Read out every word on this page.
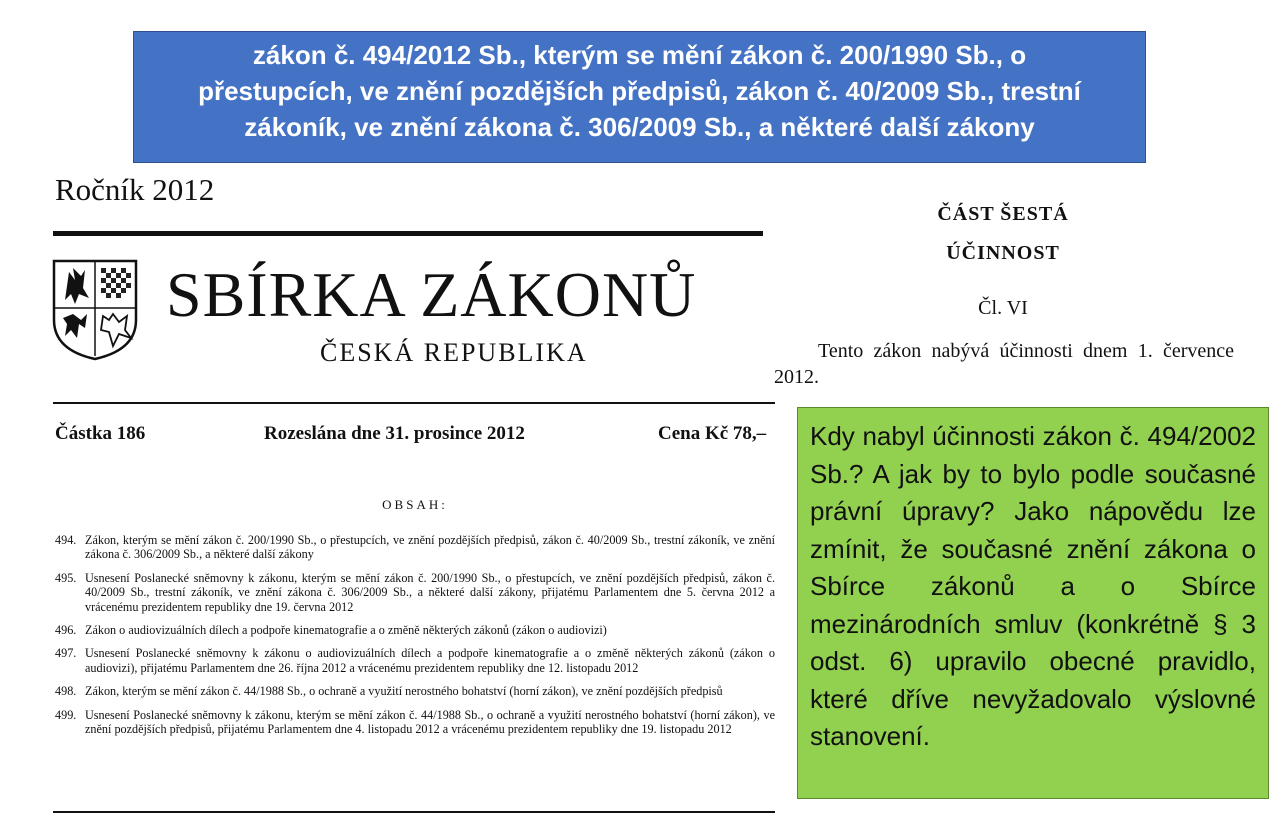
zákon č. 494/2012 Sb., kterým se mění zákon č. 200/1990 Sb., o
přestupcích, ve znění pozdějších předpisů, zákon č. 40/2009 Sb., trestní
zákoník, ve znění zákona č. 306/2009 Sb., a některé další zákony
Ročník 2012
SBÍRKA ZÁKONŮ
ČESKÁ REPUBLIKA
Částka 186	Rozeslána dne 31. prosince 2012	Cena Kč 78,–
OBSAH:
494. Zákon, kterým se mění zákon č. 200/1990 Sb., o přestupcích, ve znění pozdějších předpisů, zákon č. 40/2009 Sb., trestní zákoník, ve znění zákona č. 306/2009 Sb., a některé další zákony
495. Usnesení Poslanecké sněmovny k zákonu, kterým se mění zákon č. 200/1990 Sb., o přestupcích, ve znění pozdějších předpisů, zákon č. 40/2009 Sb., trestní zákoník, ve znění zákona č. 306/2009 Sb., a některé další zákony, přijatému Parlamentem dne 5. června 2012 a vrácenému prezidentem republiky dne 19. června 2012
496. Zákon o audiovizuálních dílech a podpoře kinematografie a o změně některých zákonů (zákon o audiovizi)
497. Usnesení Poslanecké sněmovny k zákonu o audiovizuálních dílech a podpoře kinematografie a o změně některých zákonů (zákon o audiovizi), přijatému Parlamentem dne 26. října 2012 a vrácenému prezidentem republiky dne 12. listopadu 2012
498. Zákon, kterým se mění zákon č. 44/1988 Sb., o ochraně a využití nerostného bohatství (horní zákon), ve znění pozdějších předpisů
499. Usnesení Poslanecké sněmovny k zákonu, kterým se mění zákon č. 44/1988 Sb., o ochraně a využití nerostného bohatství (horní zákon), ve znění pozdějších předpisů, přijatému Parlamentem dne 4. listopadu 2012 a vrácenému prezidentem republiky dne 19. listopadu 2012
ČÁST ŠESTÁ
ÚČINNOST
Čl. VI
Tento zákon nabývá účinnosti dnem 1. července 2012.
Kdy nabyl účinnosti zákon č. 494/2002 Sb.? A jak by to bylo podle současné právní úpravy? Jako nápovědu lze zmínit, že současné znění zákona o Sbírce zákonů a o Sbírce mezinárodních smluv (konkrétně § 3 odst. 6) upravilo obecné pravidlo, které dříve nevyžadovalo výslovné stanovení.
